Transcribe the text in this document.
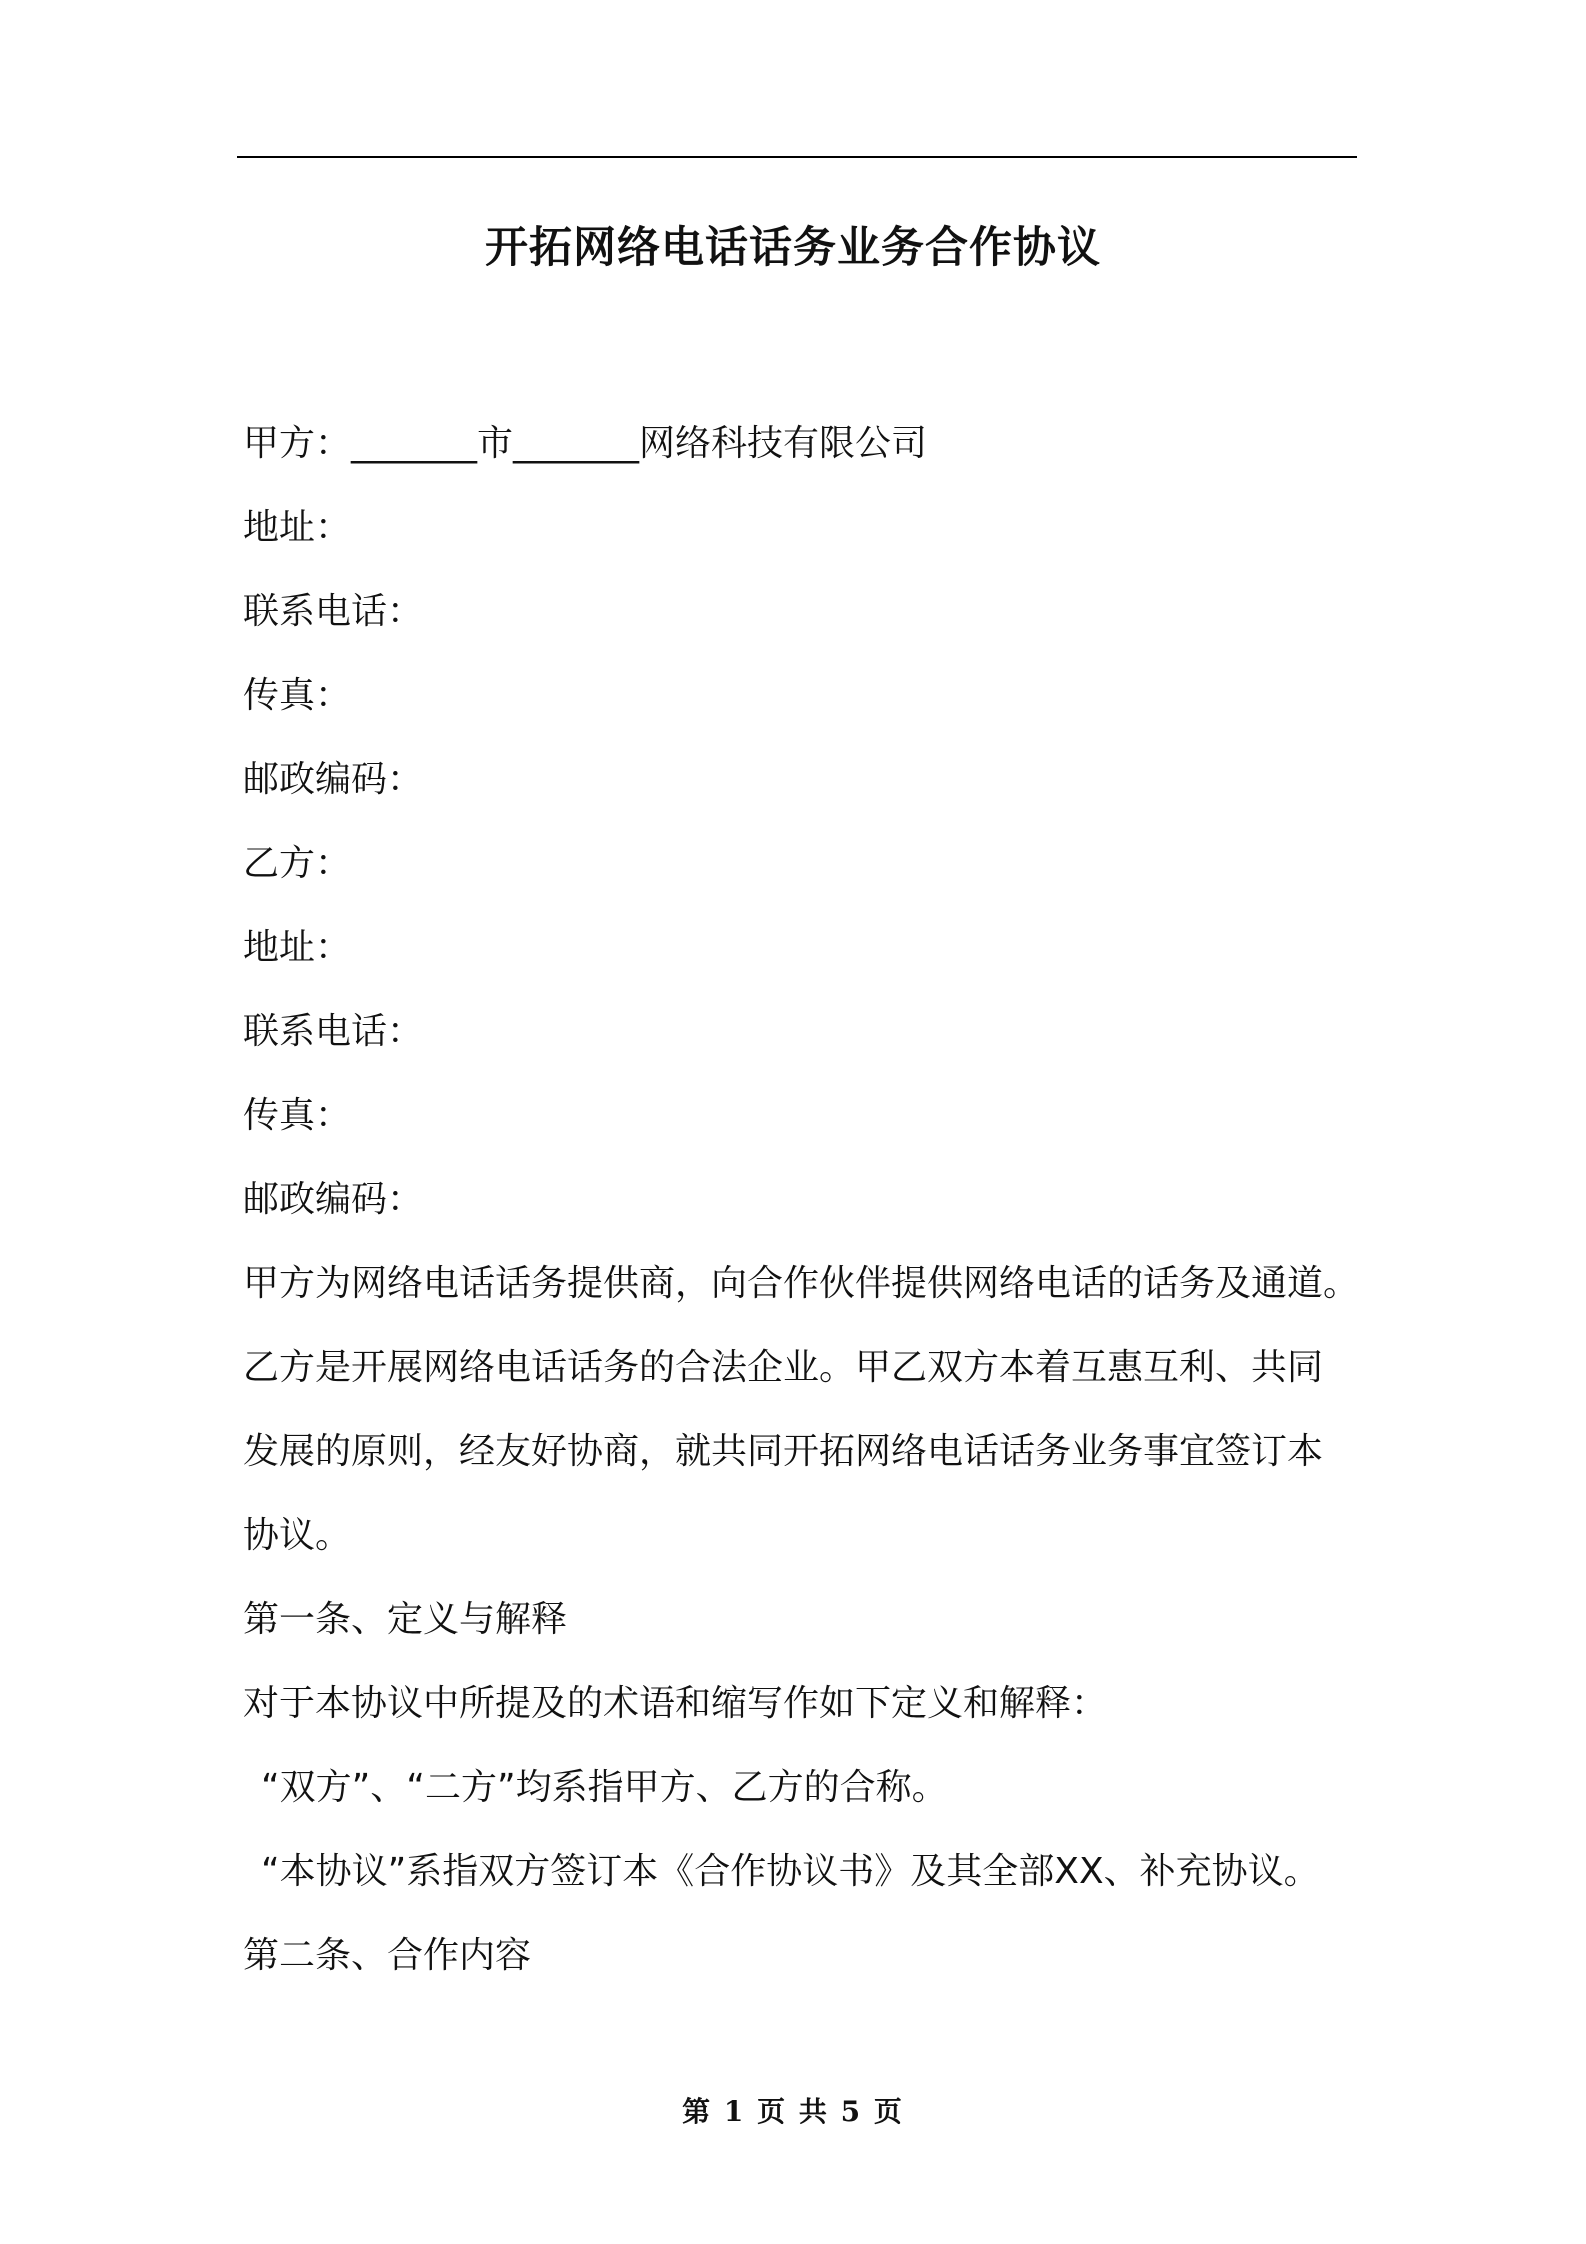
开拓网络电话话务业务合作协议
甲方：_______市_______网络科技有限公司
地址：
联系电话：
传真：
邮政编码：
乙方：
地址：
联系电话：
传真：
邮政编码：
甲方为网络电话话务提供商，向合作伙伴提供网络电话的话务及通道。
乙方是开展网络电话话务的合法企业。甲乙双方本着互惠互利、共同
发展的原则，经友好协商，就共同开拓网络电话话务业务事宜签订本
协议。
第一条、定义与解释
对于本协议中所提及的术语和缩写作如下定义和解释：
“双方”、“二方”均系指甲方、乙方的合称。
“本协议”系指双方签订本《合作协议书》及其全部XX、补充协议。
第二条、合作内容
第 1 页 共 5 页
